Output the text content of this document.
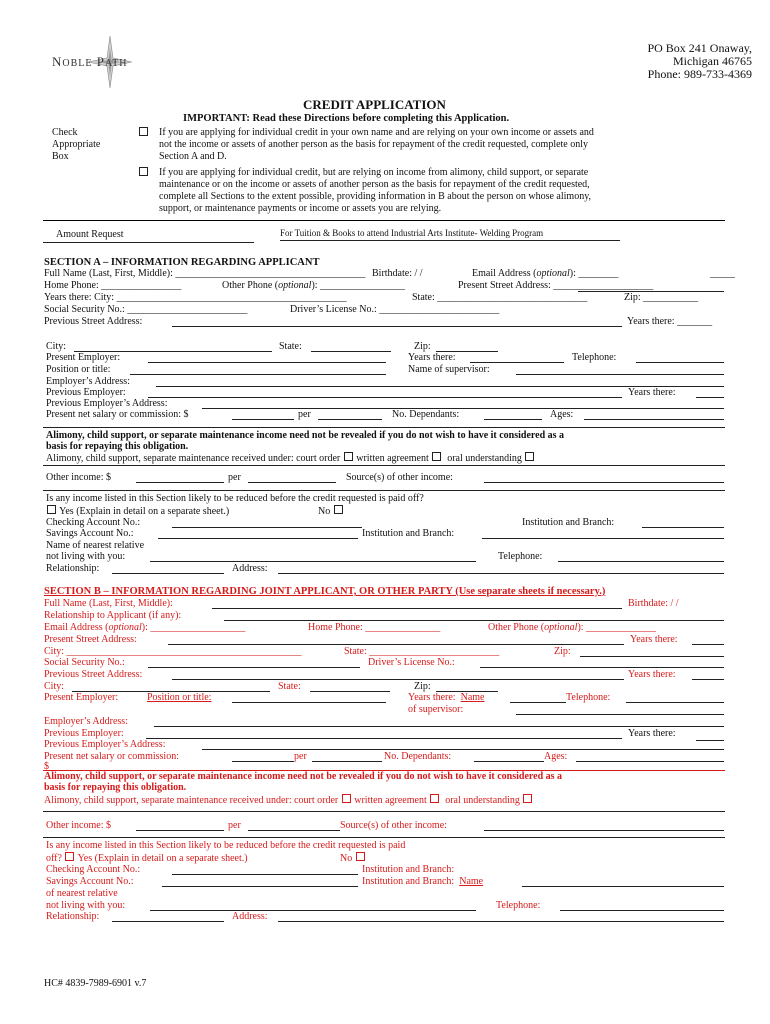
NOBLE PATH
PO Box 241 Onaway,
Michigan 46765
Phone: 989-733-4369
CREDIT APPLICATION
IMPORTANT: Read these Directions before completing this Application.
Check
Appropriate
Box
If you are applying for individual credit in your own name and are relying on your own income or assets and
not the income or assets of another person as the basis for repayment of the credit requested, complete only
Section A and D.
If you are applying for individual credit, but are relying on income from alimony, child support, or separate
maintenance or on the income or assets of another person as the basis for repayment of the credit requested,
complete all Sections to the extent possible, providing information in B about the person on whose alimony,
support, or maintenance payments or income or assets you are relying.
Amount Request	For Tuition & Books to attend Industrial Arts Institute- Welding Program
SECTION A – INFORMATION REGARDING APPLICANT
Full Name (Last, First, Middle): ______________________________________ Birthdate: / /	Email Address (optional): ________	_____
Home Phone: ________________	Other Phone (optional): _________________	Present Street Address: ____________________
Years there: City: ______________________________________________	State: ______________________________	Zip: ___________
Social Security No.: ________________________	Driver’s License No.: ________________________
Previous Street Address:	Years there: _______
City:	State:	Zip:
Present Employer:	Years there:	Telephone:
Position or title:	Name of supervisor:
Employer’s Address:
Previous Employer:	Years there:
Previous Employer’s Address:
Present net salary or commission: $	per	No. Dependants:	Ages:
Alimony, child support, or separate maintenance income need not be revealed if you do not wish to have it considered as a
basis for repaying this obligation.
Alimony, child support, separate maintenance received under: court order written agreement oral understanding
Other income: $	per	Source(s) of other income:
Is any income listed in this Section likely to be reduced before the credit requested is paid off?
Yes (Explain in detail on a separate sheet.)	No
Checking Account No.:	Institution and Branch:
Savings Account No.:	Institution and Branch:
Name of nearest relative
not living with you:	Telephone:
Relationship:	Address:
SECTION B – INFORMATION REGARDING JOINT APPLICANT, OR OTHER PARTY (Use separate sheets if necessary.)
Full Name (Last, First, Middle):	Birthdate: / /
Relationship to Applicant (if any):
Email Address (optional): ___________________	Home Phone: _______________	Other Phone (optional): ______________
Present Street Address:	Years there:
City: _______________________________________________	State: __________________________	Zip:
Social Security No.:	Driver’s License No.:
Previous Street Address:	Years there:
City:	State:	Zip:
Present Employer:	Position or title:	Years there: Name	Telephone:
of supervisor:
Employer’s Address:
Previous Employer:	Years there:
Previous Employer’s Address:
Present net salary or commission:	per	No. Dependants:	Ages:
$
Alimony, child support, or separate maintenance income need not be revealed if you do not wish to have it considered as a
basis for repaying this obligation.
Alimony, child support, separate maintenance received under: court order written agreement oral understanding
Other income: $	per	Source(s) of other income:
Is any income listed in this Section likely to be reduced before the credit requested is paid
off? Yes (Explain in detail on a separate sheet.)	No
Checking Account No.:	Institution and Branch:
Savings Account No.:	Institution and Branch: Name
of nearest relative
not living with you:	Telephone:
Relationship:	Address:
HC# 4839-7989-6901 v.7
